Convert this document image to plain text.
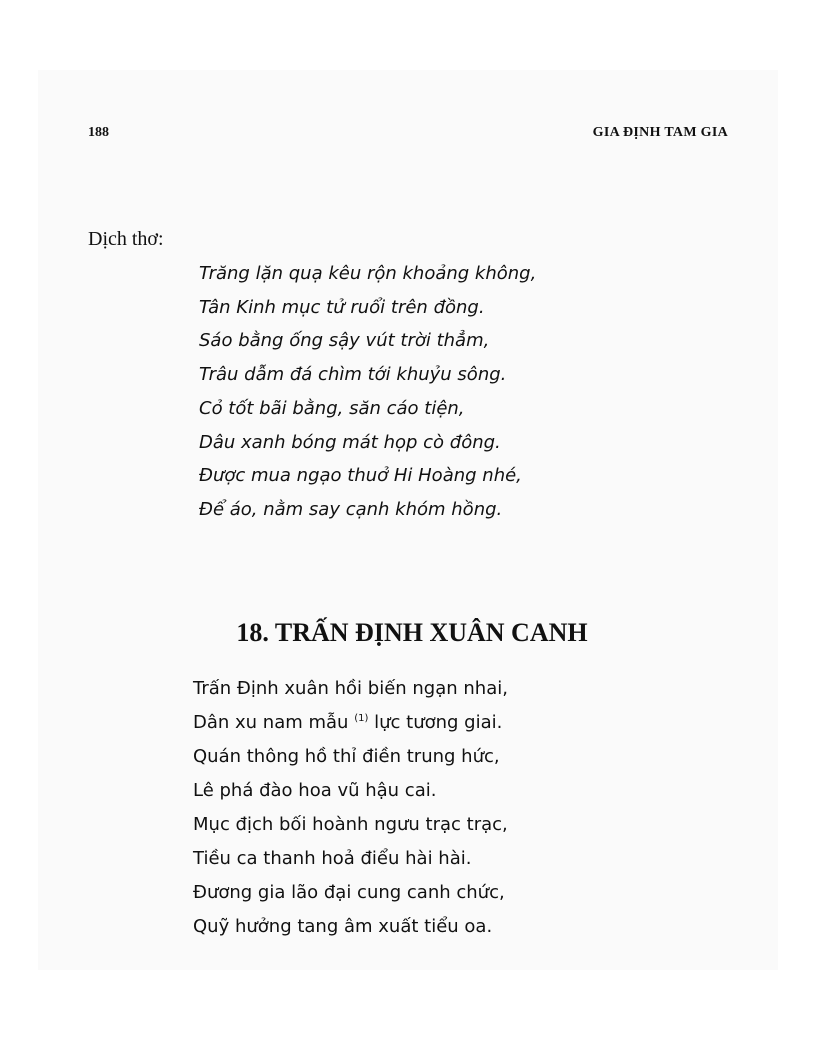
188	GIA ĐỊNH TAM GIA
Dịch thơ:
Trăng lặn quạ kêu rộn khoảng không,
Tân Kinh mục tử ruổi trên đồng.
Sáo bằng ống sậy vút trời thẳm,
Trâu dẫm đá chìm tới khuỷu sông.
Cỏ tốt bãi bằng, săn cáo tiện,
Dâu xanh bóng mát họp cò đông.
Được mua ngạo thuở Hi Hoàng nhé,
Để áo, nằm say cạnh khóm hồng.
18. TRẤN ĐỊNH XUÂN CANH
Trấn Định xuân hồi biến ngạn nhai,
Dân xu nam mẫu $^{(1)}$ lực tương giai.
Quán thông hồ thỉ điền trung hức,
Lê phá đào hoa vũ hậu cai.
Mục địch bối hoành ngưu trạc trạc,
Tiều ca thanh hoả điểu hài hài.
Đương gia lão đại cung canh chức,
Quỹ hưởng tang âm xuất tiểu oa.
